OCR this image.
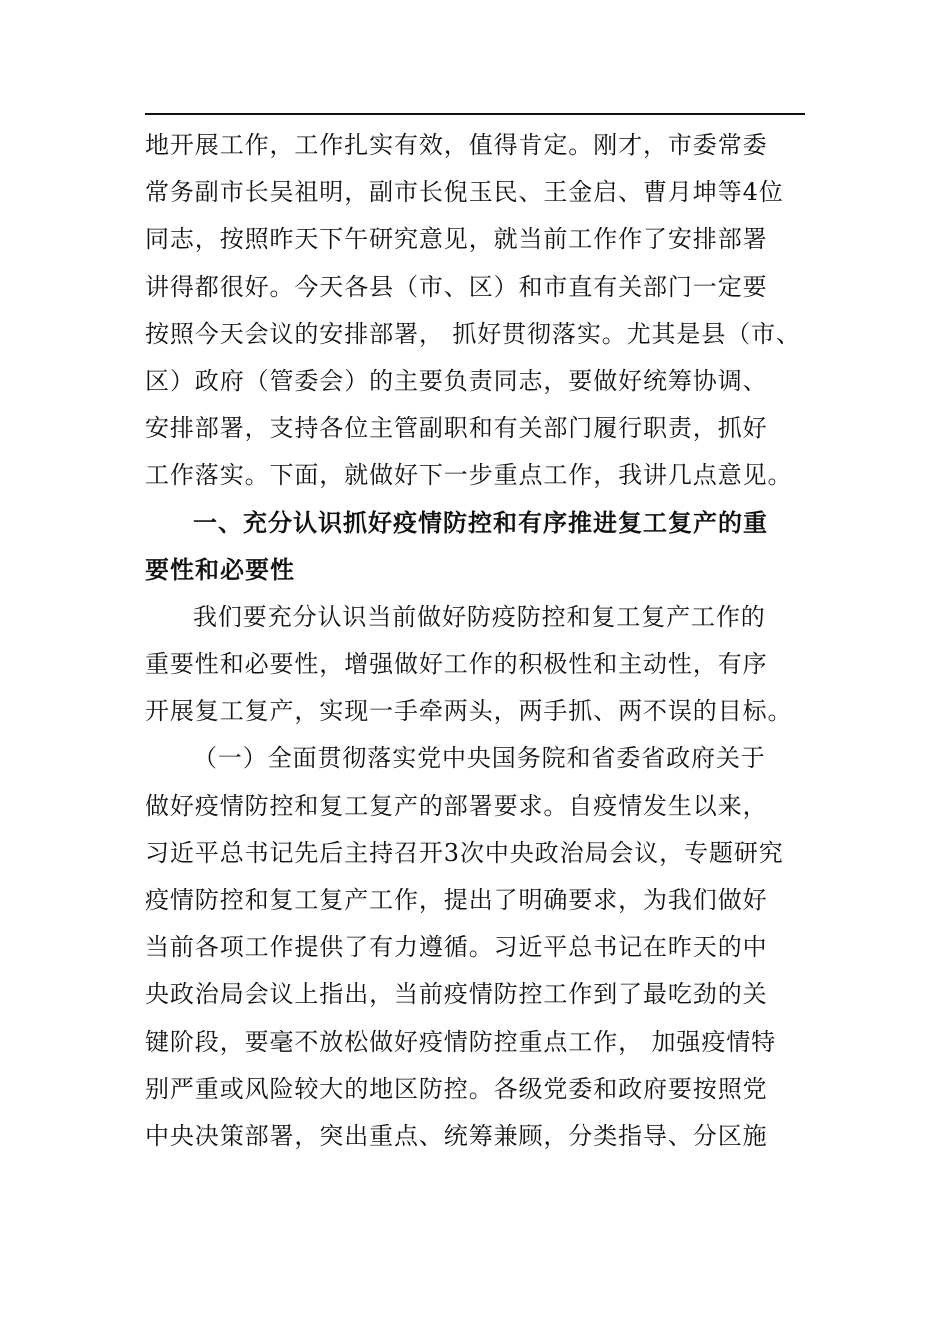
地开展工作，工作扎实有效，值得肯定。刚才，市委常委
常务副市长吴祖明，副市长倪玉民、王金启、曹月坤等4位
同志，按照昨天下午研究意见，就当前工作作了安排部署
讲得都很好。今天各县（市、区）和市直有关部门一定要
按照今天会议的安排部署， 抓好贯彻落实。尤其是县（市、
区）政府（管委会）的主要负责同志，要做好统筹协调、
安排部署，支持各位主管副职和有关部门履行职责，抓好
工作落实。下面，就做好下一步重点工作，我讲几点意见。
一、充分认识抓好疫情防控和有序推进复工复产的重
要性和必要性
我们要充分认识当前做好防疫防控和复工复产工作的
重要性和必要性，增强做好工作的积极性和主动性，有序
开展复工复产，实现一手牵两头，两手抓、两不误的目标。
（一）全面贯彻落实党中央国务院和省委省政府关于
做好疫情防控和复工复产的部署要求。自疫情发生以来，
习近平总书记先后主持召开3次中央政治局会议，专题研究
疫情防控和复工复产工作，提出了明确要求，为我们做好
当前各项工作提供了有力遵循。习近平总书记在昨天的中
央政治局会议上指出，当前疫情防控工作到了最吃劲的关
键阶段，要毫不放松做好疫情防控重点工作， 加强疫情特
别严重或风险较大的地区防控。各级党委和政府要按照党
中央决策部署，突出重点、统筹兼顾，分类指导、分区施
